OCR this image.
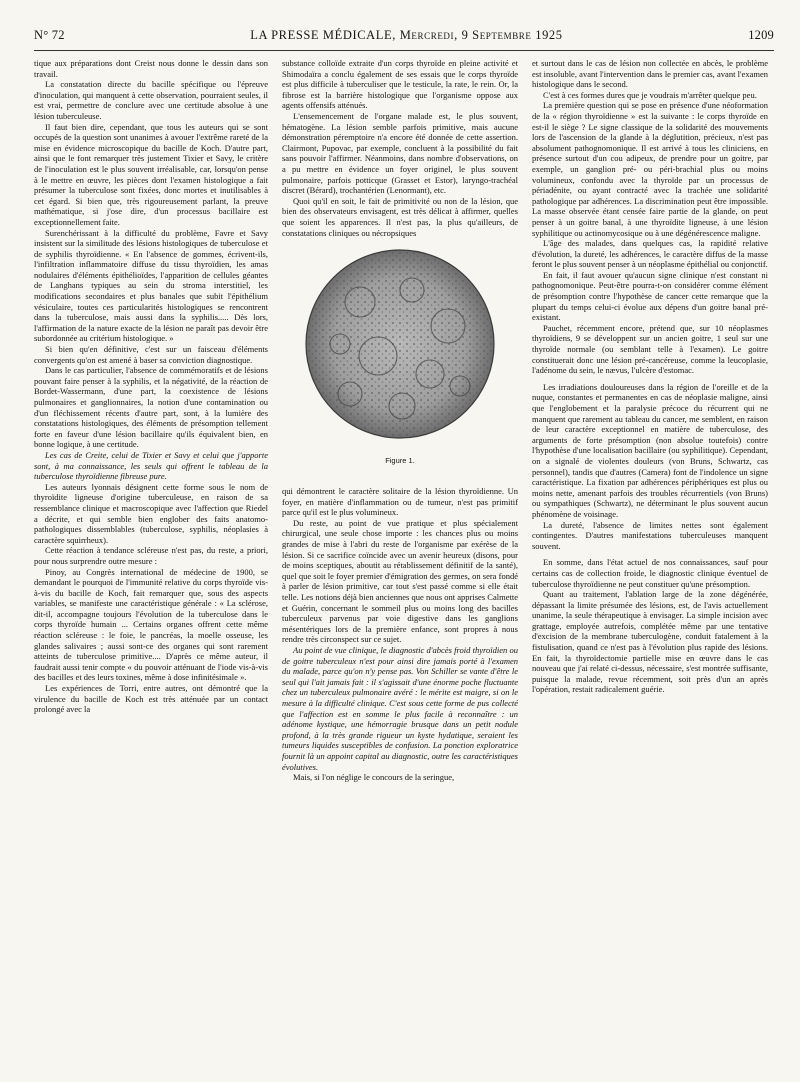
N° 72	LA PRESSE MÉDICALE, Mercredi, 9 Septembre 1925	1209

tique aux préparations dont Creist nous donne le dessin dans son travail.

La constatation directe du bacille spécifique ou l'épreuve d'inoculation, qui manquent à cette observation, pourraient seules, il est vrai, permettre de conclure avec une certitude absolue à une lésion tuberculeuse.

Il faut bien dire, cependant, que tous les auteurs qui se sont occupés de la question sont unanimes à avouer l'extrême rareté de la mise en évidence microscopique du bacille de Koch. D'autre part, ainsi que le font remarquer très justement Tixier et Savy, le critère de l'inoculation est le plus souvent irréalisable, car, lorsqu'on pense à le mettre en œuvre, les pièces dont l'examen histologique a fait présumer la tuberculose sont fixées, donc mortes et inutilisables à cet égard. Si bien que, très rigoureusement parlant, la preuve mathématique, si j'ose dire, d'un processus bacillaire est exceptionnellement faite.

Surenchérissant à la difficulté du problème, Favre et Savy insistent sur la similitude des lésions histologiques de tuberculose et de syphilis thyroïdienne. « En l'absence de gommes, écrivent-ils, l'infiltration inflammatoire diffuse du tissu thyroïdien, les amas nodulaires d'éléments épithélioïdes, l'apparition de cellules géantes de Langhans typiques au sein du stroma interstitiel, les modifications secondaires et plus banales que subit l'épithélium vésiculaire, toutes ces particularités histologiques se rencontrent dans la tuberculose, mais aussi dans la syphilis..... Dès lors, l'affirmation de la nature exacte de la lésion ne paraît pas devoir être subordonnée au critérium histologique. »

Si bien qu'en définitive, c'est sur un faisceau d'éléments convergents qu'on est amené à baser sa conviction diagnostique.

Dans le cas particulier, l'absence de commémoratifs et de lésions pouvant faire penser à la syphilis, et la négativité, de la réaction de Bordet-Wassermann, d'une part, la coexistence de lésions pulmonaires et ganglionnaires, la notion d'une contamination ou d'un fléchissement récents d'autre part, sont, à la lumière des constatations histologiques, des éléments de présomption tellement forte en faveur d'une lésion bacillaire qu'ils équivalent bien, en bonne logique, à une certitude.

Les cas de Creite, celui de Tixier et Savy et celui que j'apporte sont, à ma connaissance, les seuls qui offrent le tableau de la tuberculose thyroïdienne fibreuse pure.

Les auteurs lyonnais désignent cette forme sous le nom de thyroïdite ligneuse d'origine tuberculeuse, en raison de sa ressemblance clinique et macroscopique avec l'affection que Riedel a décrite, et qui semble bien englober des faits anatomo-pathologiques dissemblables (tuberculose, syphilis, néoplasies à caractère squirrheux).

Cette réaction à tendance scléreuse n'est pas, du reste, a priori, pour nous surprendre outre mesure :

Pinoy, au Congrès international de médecine de 1900, se demandant le pourquoi de l'immunité relative du corps thyroïde vis-à-vis du bacille de Koch, fait remarquer que, sous des aspects variables, se manifeste une caractéristique générale : « La sclérose, dit-il, accompagne toujours l'évolution de la tuberculose dans le corps thyroïde humain ... Certains organes offrent cette même réaction scléreuse : le foie, le pancréas, la moelle osseuse, les glandes salivaires ; aussi sont-ce des organes qui sont rarement atteints de tuberculose primitive.... D'après ce même auteur, il faudrait aussi tenir compte « du pouvoir atténuant de l'iode vis-à-vis des bacilles et des leurs toxines, même à dose infinitésimale ».

Les expériences de Torri, entre autres, ont démontré que la virulence du bacille de Koch est très atténuée par un contact prolongé avec la

substance colloïde extraite d'un corps thyroïde en pleine activité et Shimodaïra a conclu également de ses essais que le corps thyroïde est plus difficile à tuberculiser que le testicule, la rate, le rein. Or, la fibrose est la barrière histologique que l'organisme oppose aux agents offensifs atténués.

L'ensemencement de l'organe malade est, le plus souvent, hématogène. La lésion semble parfois primitive, mais aucune démonstration péremptoire n'a encore été donnée de cette assertion. Clairmont, Pupovac, par exemple, concluent à la possibilité du fait sans pouvoir l'affirmer. Néanmoins, dans nombre d'observations, on a pu mettre en évidence un foyer originel, le plus souvent pulmonaire, parfois potticque (Grasset et Estor), laryngo-trachéal discret (Bérard), trochantérien (Lenormant), etc.

Quoi qu'il en soit, le fait de primitivité ou non de la lésion, que bien des observateurs envisagent, est très délicat à affirmer, quelles que soient les apparences. Il n'est pas, la plus qu'ailleurs, de constatations cliniques ou nécropsiques

Figure 1.

qui démontrent le caractère solitaire de la lésion thyroïdienne. Un foyer, en matière d'inflammation ou de tumeur, n'est pas primitif parce qu'il est le plus volumineux.

Du reste, au point de vue pratique et plus spécialement chirurgical, une seule chose importe : les chances plus ou moins grandes de mise à l'abri du reste de l'organisme par exérèse de la lésion. Si ce sacrifice coïncide avec un avenir heureux (disons, pour de moins sceptiques, aboutit au rétablissement définitif de la santé), quel que soit le foyer premier d'émigration des germes, on sera fondé à parler de lésion primitive, car tout s'est passé comme si elle était telle. Les notions déjà bien anciennes que nous ont apprises Calmette et Guérin, concernant le sommeil plus ou moins long des bacilles tuberculeux parvenus par voie digestive dans les ganglions mésentériques lors de la première enfance, sont propres à nous rendre très circonspect sur ce sujet.

Au point de vue clinique, le diagnostic d'abcès froid thyroïdien ou de goitre tuberculeux n'est pour ainsi dire jamais porté à l'examen du malade, parce qu'on n'y pense pas. Von Schiller se vante d'être le seul qui l'ait jamais fait : il s'agissait d'une énorme poche fluctuante chez un tuberculeux pulmonaire avéré : le mérite est maigre, si on le mesure à la difficulté clinique. C'est sous cette forme de pus collecté que l'affection est en somme le plus facile à reconnaître : un adénome kystique, une hémorragie brusque dans un petit nodule profond, à la très grande rigueur un kyste hydatique, seraient les tumeurs liquides susceptibles de confusion. La ponction exploratrice fournit là un appoint capital au diagnostic, outre les caractéristiques évolutives.

Mais, si l'on néglige le concours de la seringue,

et surtout dans le cas de lésion non collectée en abcès, le problème est insoluble, avant l'intervention dans le premier cas, avant l'examen histologique dans le second.

C'est à ces formes dures que je voudrais m'arrêter quelque peu.

La première question qui se pose en présence d'une néoformation de la « région thyroïdienne » est la suivante : le corps thyroïde en est-il le siège ? Le signe classique de la solidarité des mouvements lors de l'ascension de la glande à la déglutition, précieux, n'est pas absolument pathognomonique. Il est arrivé à tous les cliniciens, en présence surtout d'un cou adipeux, de prendre pour un goitre, par exemple, un ganglion pré- ou péri-brachial plus ou moins volumineux, confondu avec la thyroïde par un processus de périadénite, ou ayant contracté avec la trachée une solidarité pathologique par adhérences. La discrimination peut être impossible. La masse observée étant censée faire partie de la glande, on peut penser à un goitre banal, à une thyroïdite ligneuse, à une lésion syphilitique ou actinomycosique ou à une dégénérescence maligne.

L'âge des malades, dans quelques cas, la rapidité relative d'évolution, la dureté, les adhérences, le caractère diffus de la masse feront le plus souvent penser à un néoplasme épithélial ou conjonctif.

En fait, il faut avouer qu'aucun signe clinique n'est constant ni pathognomonique. Peut-être pourra-t-on considérer comme élément de présomption contre l'hypothèse de cancer cette remarque que la plupart du temps celui-ci évolue aux dépens d'un goitre banal pré-existant.

Pauchet, récemment encore, prétend que, sur 10 néoplasmes thyroïdiens, 9 se développent sur un ancien goitre, 1 seul sur une thyroïde normale (ou semblant telle à l'examen). Le goitre constituerait donc une lésion pré-cancéreuse, comme la leucoplasie, l'adénome du sein, le nævus, l'ulcère d'estomac.

Les irradiations douloureuses dans la région de l'oreille et de la nuque, constantes et permanentes en cas de néoplasie maligne, ainsi que l'englobement et la paralysie précoce du récurrent qui ne manquent que rarement au tableau du cancer, me semblent, en raison de leur caractère exceptionnel en matière de tuberculose, des arguments de forte présomption (non absolue toutefois) contre l'hypothèse d'une localisation bacillaire (ou syphilitique). Cependant, on a signalé de violentes douleurs (von Bruns, Schwartz, cas personnel), tandis que d'autres (Camera) font de l'indolence un signe caractéristique. La fixation par adhérences périphériques est plus ou moins nette, amenant parfois des troubles récurrentiels (von Bruns) ou sympathiques (Schwartz), ne déterminant le plus souvent aucun phénomène de voisinage.

La dureté, l'absence de limites nettes sont également contingentes. D'autres manifestations tuberculeuses manquent souvent.

En somme, dans l'état actuel de nos connaissances, sauf pour certains cas de collection froide, le diagnostic clinique éventuel de tuberculose thyroïdienne ne peut constituer qu'une présomption.

Quant au traitement, l'ablation large de la zone dégénérée, dépassant la limite présumée des lésions, est, de l'avis actuellement unanime, la seule thérapeutique à envisager. La simple incision avec grattage, employée autrefois, complétée même par une tentative d'excision de la membrane tuberculogène, conduit fatalement à la fistulisation, quand ce n'est pas à l'évolution plus rapide des lésions. En fait, la thyroïdectomie partielle mise en œuvre dans le cas nouveau que j'ai relaté ci-dessus, nécessaire, s'est montrée suffisante, puisque la malade, revue récemment, soit près d'un an après l'opération, restait radicalement guérie.
